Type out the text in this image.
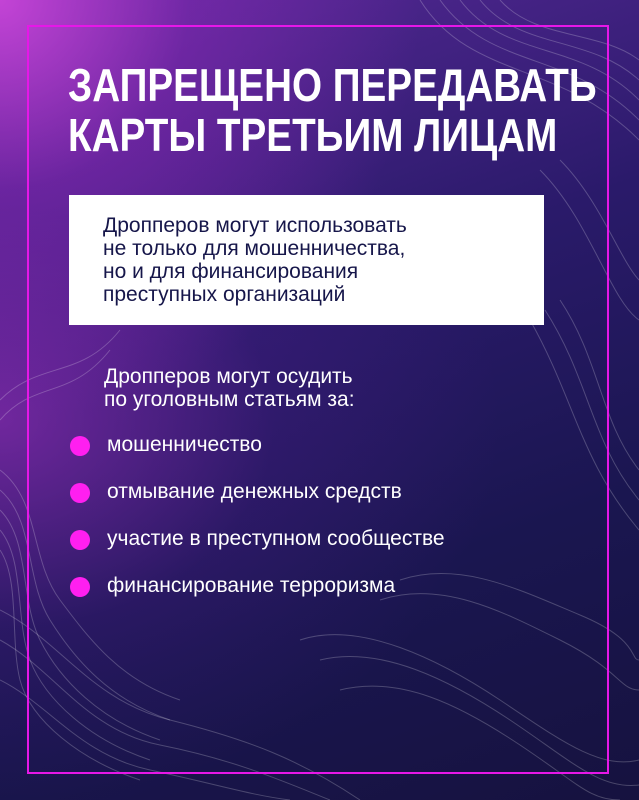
ЗАПРЕЩЕНО ПЕРЕДАВАТЬ
КАРТЫ ТРЕТЬИМ ЛИЦАМ
Дропперов могут использовать
не только для мошенничества,
но и для финансирования
преступных организаций
Дропперов могут осудить
по уголовным статьям за:
мошенничество
отмывание денежных средств
участие в преступном сообществе
финансирование терроризма
